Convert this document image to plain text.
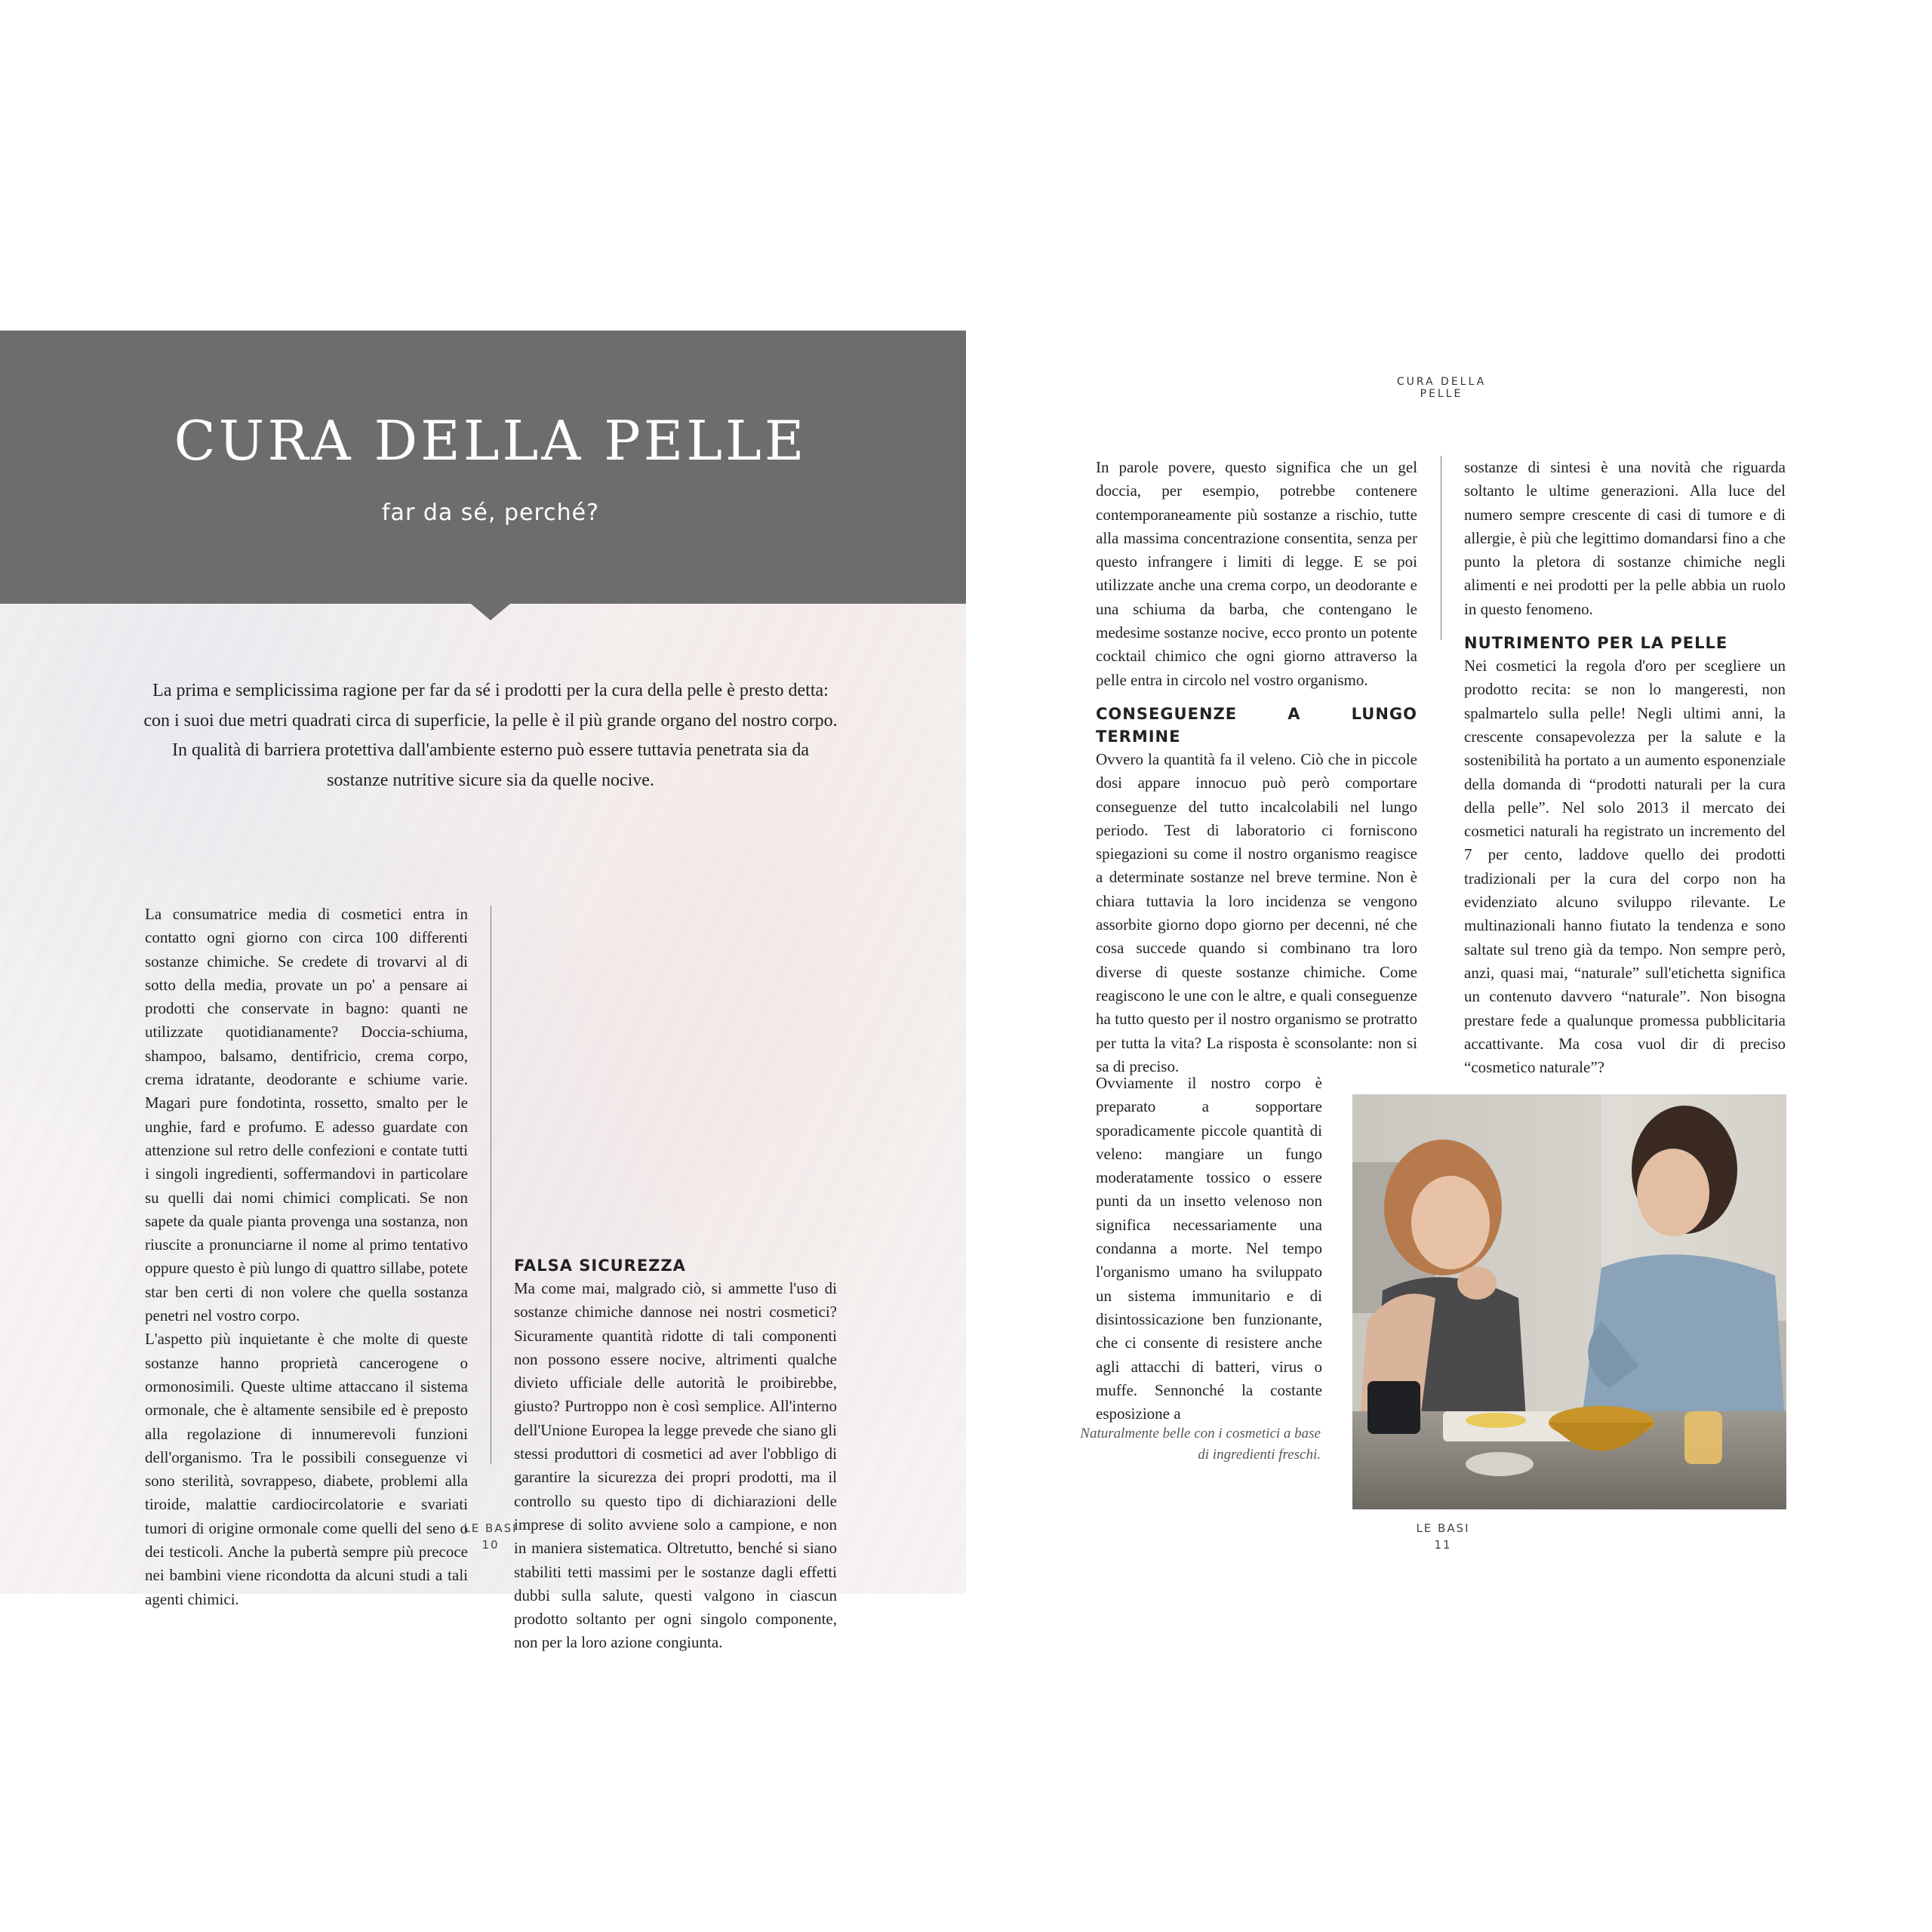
CURA DELLA PELLE
far da sé, perché?
La prima e semplicissima ragione per far da sé i prodotti per la cura della pelle è presto detta: con i suoi due metri quadrati circa di superficie, la pelle è il più grande organo del nostro corpo. In qualità di barriera protettiva dall'ambiente esterno può essere tuttavia penetrata sia da sostanze nutritive sicure sia da quelle nocive.

La consumatrice media di cosmetici entra in contatto ogni giorno con circa 100 differenti sostanze chimiche. Se credete di trovarvi al di sotto della media, provate un po' a pensare ai prodotti che conservate in bagno: quanti ne utilizzate quotidianamente? Doccia-schiuma, shampoo, balsamo, dentifricio, crema corpo, crema idratante, deodorante e schiume varie. Magari pure fondotinta, rossetto, smalto per le unghie, fard e profumo. E adesso guardate con attenzione sul retro delle confezioni e contate tutti i singoli ingredienti, soffermandovi in particolare su quelli dai nomi chimici complicati. Se non sapete da quale pianta provenga una sostanza, non riuscite a pronunciarne il nome al primo tentativo oppure questo è più lungo di quattro sillabe, potete star ben certi di non volere che quella sostanza penetri nel vostro corpo.

L'aspetto più inquietante è che molte di queste sostanze hanno proprietà cancerogene o ormonosimili. Queste ultime attaccano il sistema ormonale, che è altamente sensibile ed è preposto alla regolazione di innumerevoli funzioni dell'organismo. Tra le possibili conseguenze vi sono sterilità, sovrappeso, diabete, problemi alla tiroide, malattie cardiocircolatorie e svariati tumori di origine ormonale come quelli del seno o dei testicoli. Anche la pubertà sempre più precoce nei bambini viene ricondotta da alcuni studi a tali agenti chimici.

FALSA SICUREZZA

Ma come mai, malgrado ciò, si ammette l'uso di sostanze chimiche dannose nei nostri cosmetici? Sicuramente quantità ridotte di tali componenti non possono essere nocive, altrimenti qualche divieto ufficiale delle autorità le proibirebbe, giusto? Purtroppo non è così semplice. All'interno dell'Unione Europea la legge prevede che siano gli stessi produttori di cosmetici ad aver l'obbligo di garantire la sicurezza dei propri prodotti, ma il controllo su questo tipo di dichiarazioni delle imprese di solito avviene solo a campione, e non in maniera sistematica. Oltretutto, benché si siano stabiliti tetti massimi per le sostanze dagli effetti dubbi sulla salute, questi valgono in ciascun prodotto soltanto per ogni singolo componente, non per la loro azione congiunta.

LE BASI
10
CURA DELLA PELLE

In parole povere, questo significa che un gel doccia, per esempio, potrebbe contenere contemporaneamente più sostanze a rischio, tutte alla massima concentrazione consentita, senza per questo infrangere i limiti di legge. E se poi utilizzate anche una crema corpo, un deodorante e una schiuma da barba, che contengano le medesime sostanze nocive, ecco pronto un potente cocktail chimico che ogni giorno attraverso la pelle entra in circolo nel vostro organismo.

CONSEGUENZE A LUNGO TERMINE

Ovvero la quantità fa il veleno. Ciò che in piccole dosi appare innocuo può però comportare conseguenze del tutto incalcolabili nel lungo periodo. Test di laboratorio ci forniscono spiegazioni su come il nostro organismo reagisce a determinate sostanze nel breve termine. Non è chiara tuttavia la loro incidenza se vengono assorbite giorno dopo giorno per decenni, né che cosa succede quando si combinano tra loro diverse di queste sostanze chimiche. Come reagiscono le une con le altre, e quali conseguenze ha tutto questo per il nostro organismo se protratto per tutta la vita? La risposta è sconsolante: non si sa di preciso.

Ovviamente il nostro corpo è preparato a sopportare sporadicamente piccole quantità di veleno: mangiare un fungo moderatamente tossico o essere punti da un insetto velenoso non significa necessariamente una condanna a morte. Nel tempo l'organismo umano ha sviluppato un sistema immunitario e di disintossicazione ben funzionante, che ci consente di resistere anche agli attacchi di batteri, virus o muffe. Sennonché la costante esposizione a

sostanze di sintesi è una novità che riguarda soltanto le ultime generazioni. Alla luce del numero sempre crescente di casi di tumore e di allergie, è più che legittimo domandarsi fino a che punto la pletora di sostanze chimiche negli alimenti e nei prodotti per la pelle abbia un ruolo in questo fenomeno.

NUTRIMENTO PER LA PELLE

Nei cosmetici la regola d'oro per scegliere un prodotto recita: se non lo mangeresti, non spalmartelo sulla pelle! Negli ultimi anni, la crescente consapevolezza per la salute e la sostenibilità ha portato a un aumento esponenziale della domanda di “prodotti naturali per la cura della pelle”. Nel solo 2013 il mercato dei cosmetici naturali ha registrato un incremento del 7 per cento, laddove quello dei prodotti tradizionali per la cura del corpo non ha evidenziato alcuno sviluppo rilevante. Le multinazionali hanno fiutato la tendenza e sono saltate sul treno già da tempo. Non sempre però, anzi, quasi mai, “naturale” sull'etichetta significa un contenuto davvero “naturale”. Non bisogna prestare fede a qualunque promessa pubblicitaria accattivante. Ma cosa vuol dir di preciso “cosmetico naturale”?

Naturalmente belle con i cosmetici a base di ingredienti freschi.
LE BASI
11
